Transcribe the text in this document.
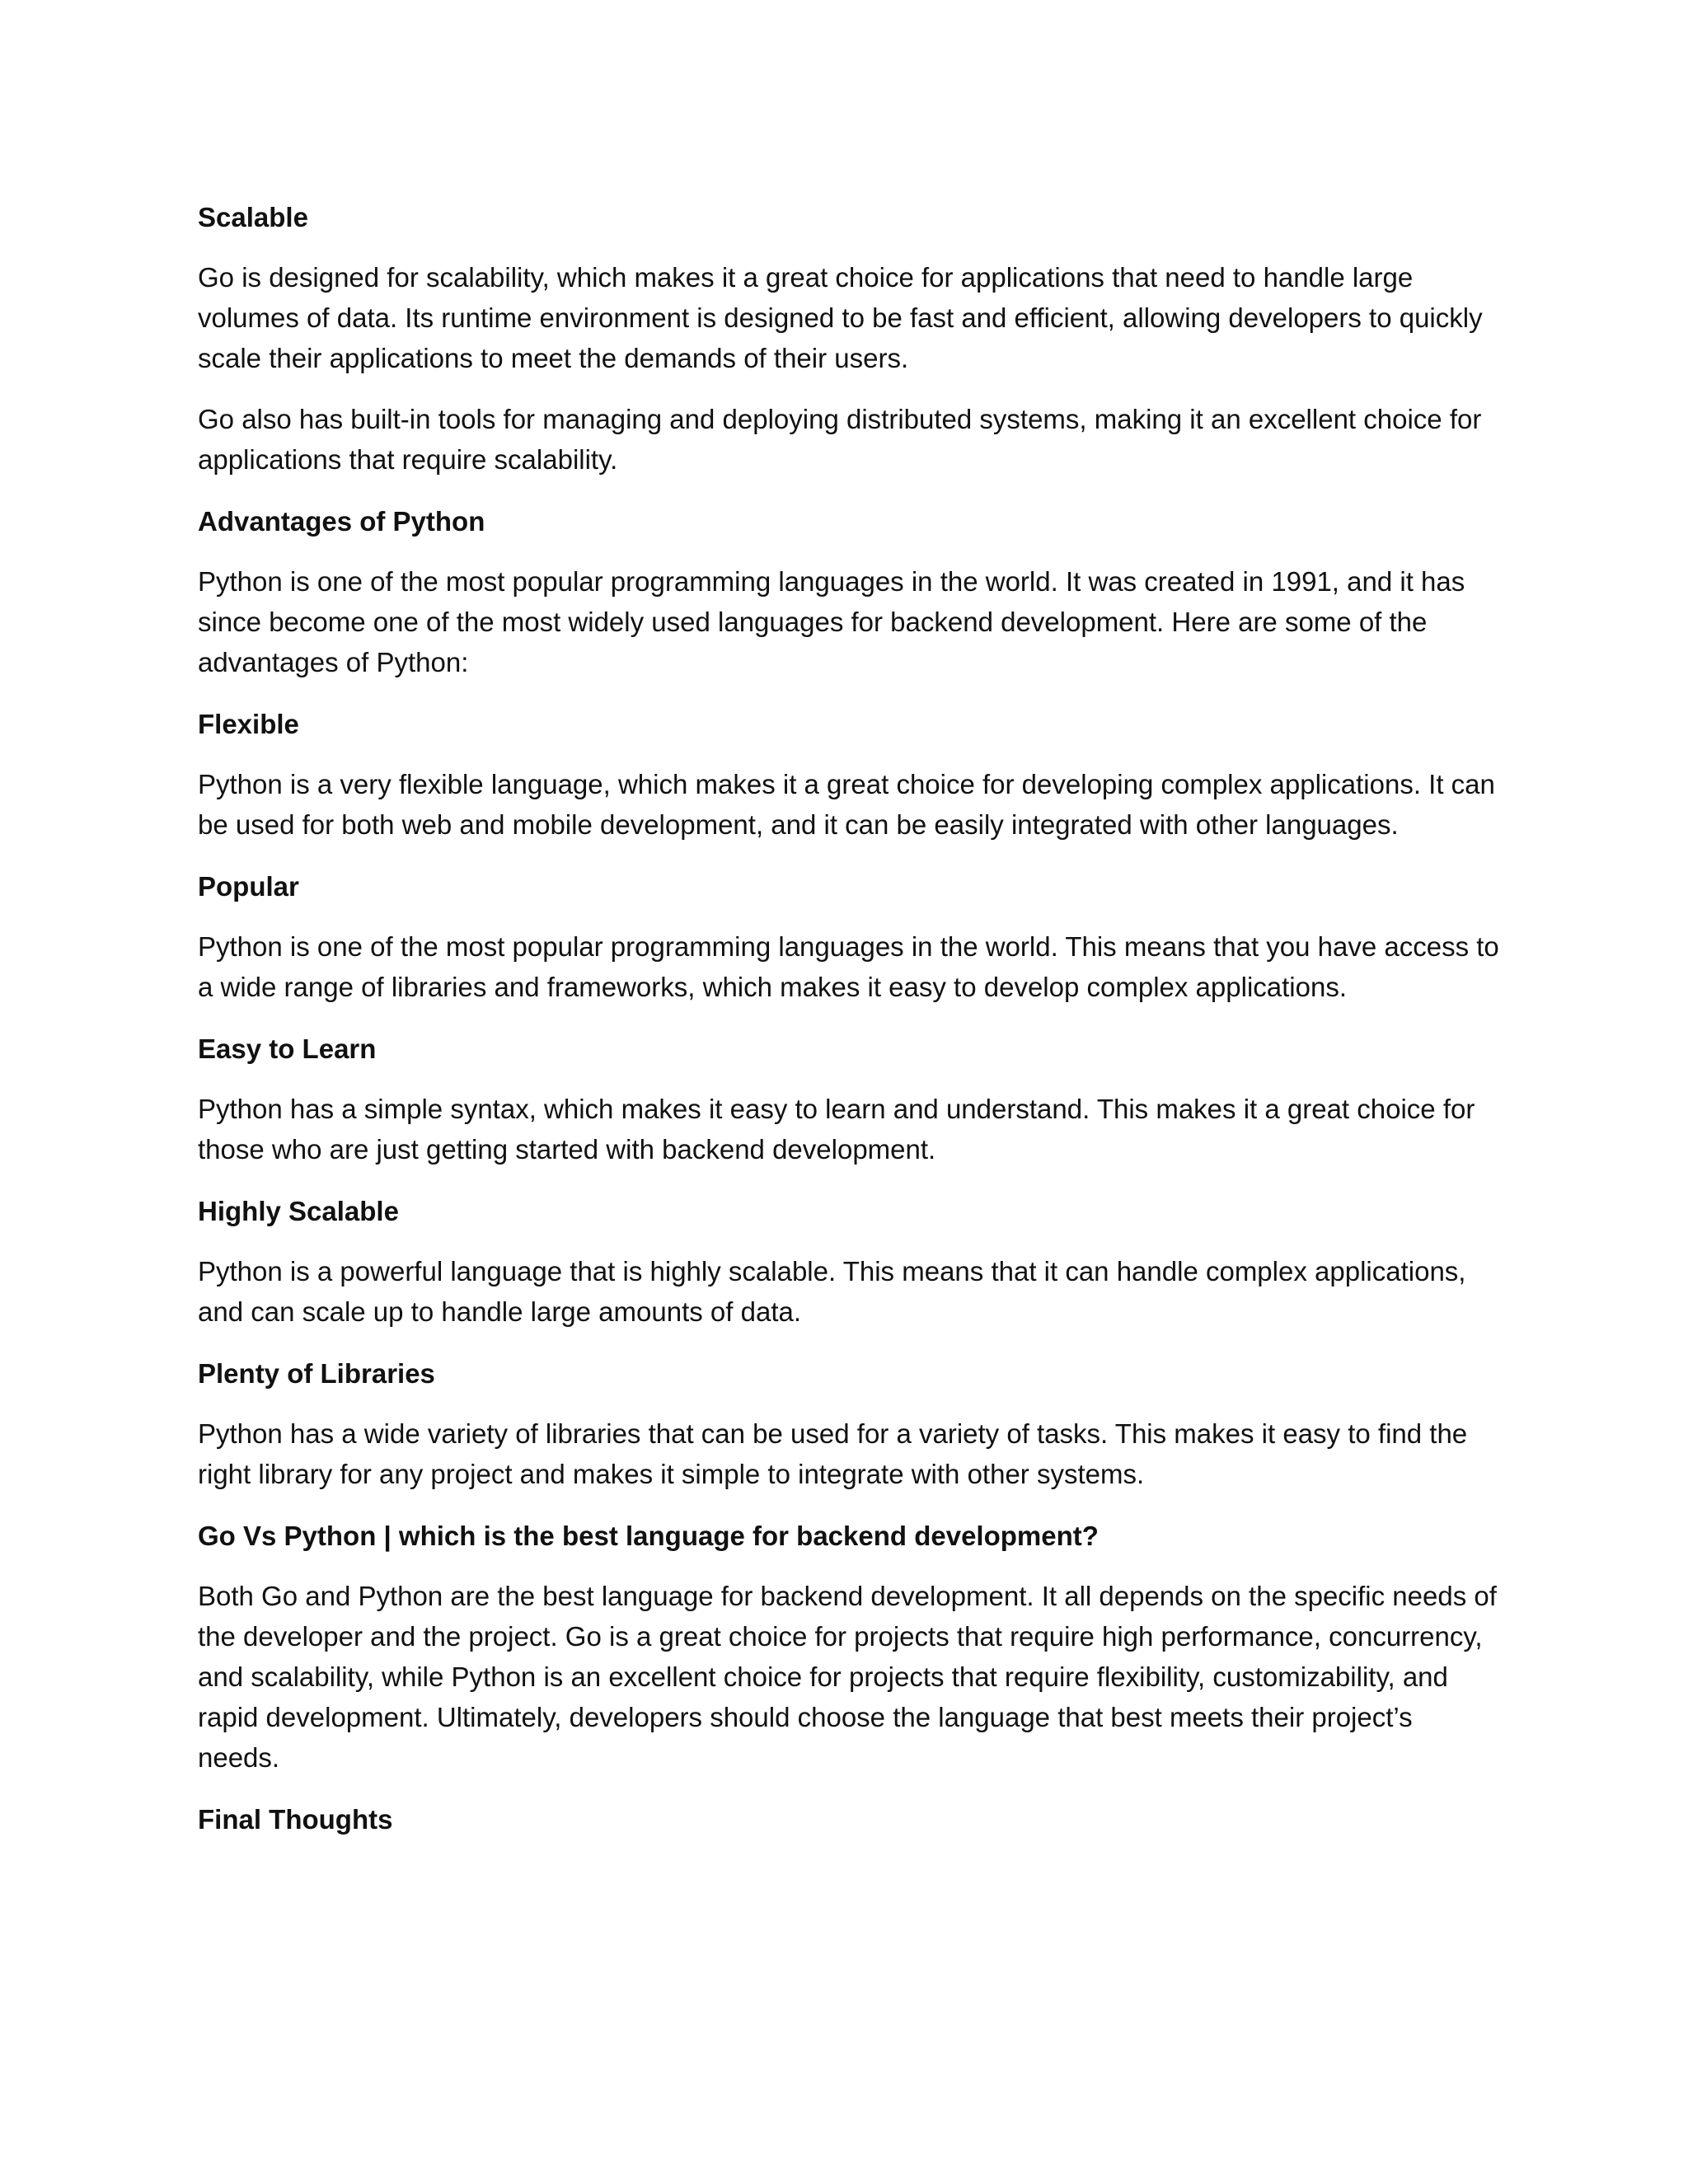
Scalable

Go is designed for scalability, which makes it a great choice for applications that need to handle large volumes of data. Its runtime environment is designed to be fast and efficient, allowing developers to quickly scale their applications to meet the demands of their users.

Go also has built-in tools for managing and deploying distributed systems, making it an excellent choice for applications that require scalability.

Advantages of Python

Python is one of the most popular programming languages in the world. It was created in 1991, and it has since become one of the most widely used languages for backend development. Here are some of the advantages of Python:

Flexible

Python is a very flexible language, which makes it a great choice for developing complex applications. It can be used for both web and mobile development, and it can be easily integrated with other languages.

Popular

Python is one of the most popular programming languages in the world. This means that you have access to a wide range of libraries and frameworks, which makes it easy to develop complex applications.

Easy to Learn

Python has a simple syntax, which makes it easy to learn and understand. This makes it a great choice for those who are just getting started with backend development.

Highly Scalable

Python is a powerful language that is highly scalable. This means that it can handle complex applications, and can scale up to handle large amounts of data.

Plenty of Libraries

Python has a wide variety of libraries that can be used for a variety of tasks. This makes it easy to find the right library for any project and makes it simple to integrate with other systems.

Go Vs Python | which is the best language for backend development?

Both Go and Python are the best language for backend development. It all depends on the specific needs of the developer and the project. Go is a great choice for projects that require high performance, concurrency, and scalability, while Python is an excellent choice for projects that require flexibility, customizability, and rapid development. Ultimately, developers should choose the language that best meets their project’s needs.

Final Thoughts
